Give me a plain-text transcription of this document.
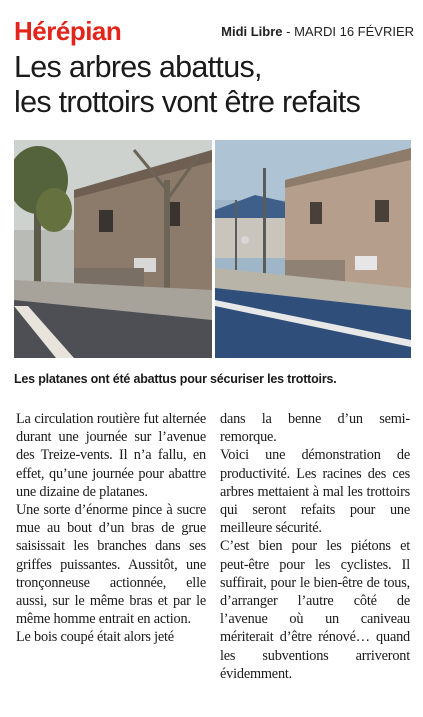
Hérépian	Midi Libre - MARDI 16 FÉVRIER
Les arbres abattus,
les trottoirs vont être refaits
Les platanes ont été abattus pour sécuriser les trottoirs.

La circulation routière fut alternée durant une journée sur l’avenue des Treize-vents. Il n’a fallu, en effet, qu’une journée pour abattre une dizaine de platanes.

Une sorte d’énorme pince à sucre mue au bout d’un bras de grue saisissait les branches dans ses griffes puissantes. Aussitôt, une tronçonneuse actionnée, elle aussi, sur le même bras et par le même homme entrait en action.

Le bois coupé était alors jeté

dans la benne d’un semi-remorque.

Voici une démonstration de productivité. Les racines des ces arbres mettaient à mal les trottoirs qui seront refaits pour une meilleure sécurité.

C’est bien pour les piétons et peut-être pour les cyclistes. Il suffirait, pour le bien-être de tous, d’arranger l’autre côté de l’avenue où un caniveau mériterait d’être rénové… quand les subventions arriveront évidemment.
